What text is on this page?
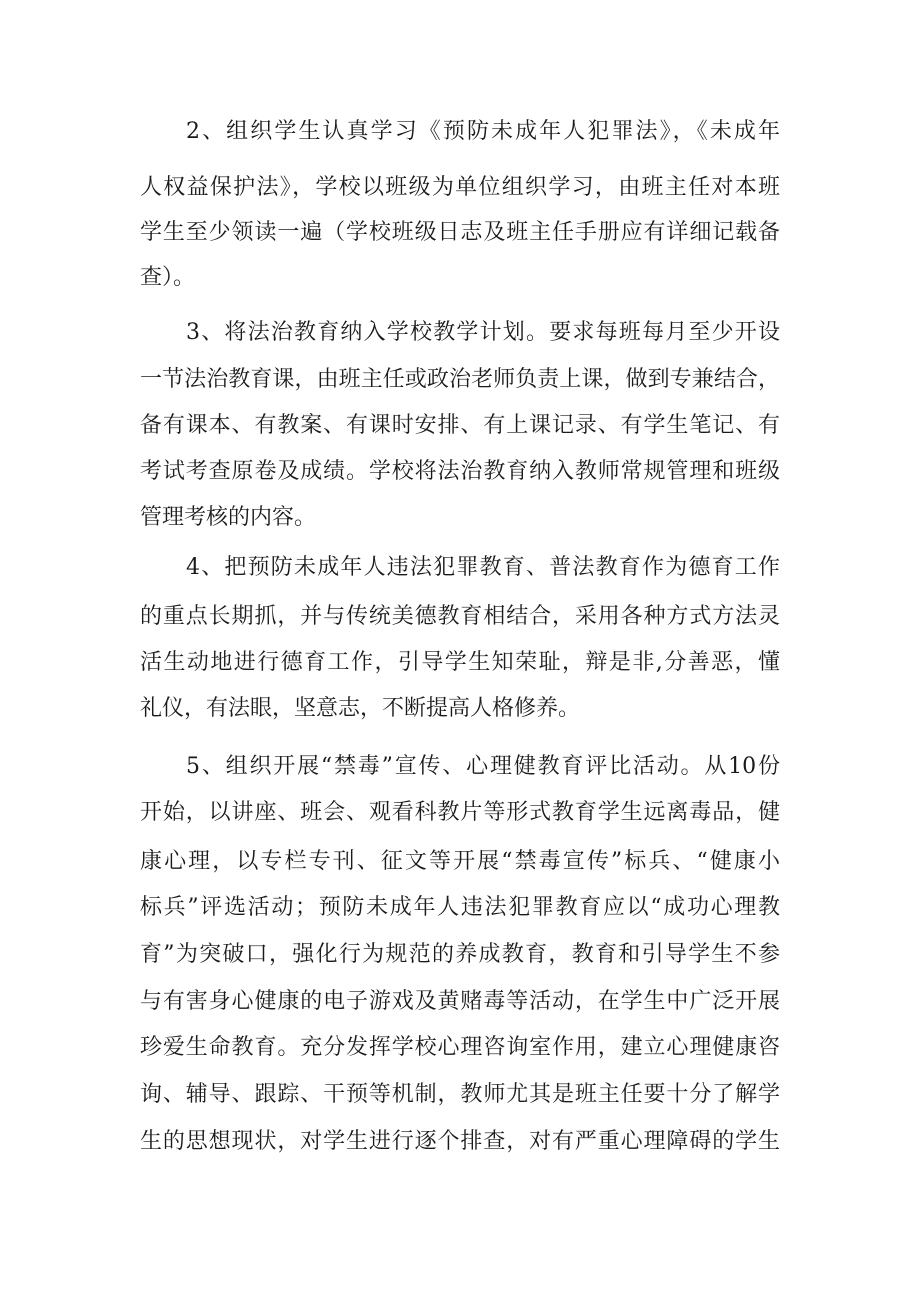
2、组织学生认真学习《预防未成年人犯罪法》，《未成年
人权益保护法》，学校以班级为单位组织学习，由班主任对本班
学生至少领读一遍（学校班级日志及班主任手册应有详细记载备
查）。
3、将法治教育纳入学校教学计划。要求每班每月至少开设
一节法治教育课，由班主任或政治老师负责上课，做到专兼结合，
备有课本、有教案、有课时安排、有上课记录、有学生笔记、有
考试考查原卷及成绩。学校将法治教育纳入教师常规管理和班级
管理考核的内容。
4、把预防未成年人违法犯罪教育、普法教育作为德育工作
的重点长期抓，并与传统美德教育相结合，采用各种方式方法灵
活生动地进行德育工作，引导学生知荣耻，辩是非,分善恶，懂
礼仪，有法眼，坚意志，不断提高人格修养。
5、组织开展“禁毒”宣传、心理健教育评比活动。从10份
开始，以讲座、班会、观看科教片等形式教育学生远离毒品，健
康心理，以专栏专刊、征文等开展“禁毒宣传”标兵、“健康小
标兵”评选活动；预防未成年人违法犯罪教育应以“成功心理教
育”为突破口，强化行为规范的养成教育，教育和引导学生不参
与有害身心健康的电子游戏及黄赌毒等活动，在学生中广泛开展
珍爱生命教育。充分发挥学校心理咨询室作用，建立心理健康咨
询、辅导、跟踪、干预等机制，教师尤其是班主任要十分了解学
生的思想现状，对学生进行逐个排查，对有严重心理障碍的学生
